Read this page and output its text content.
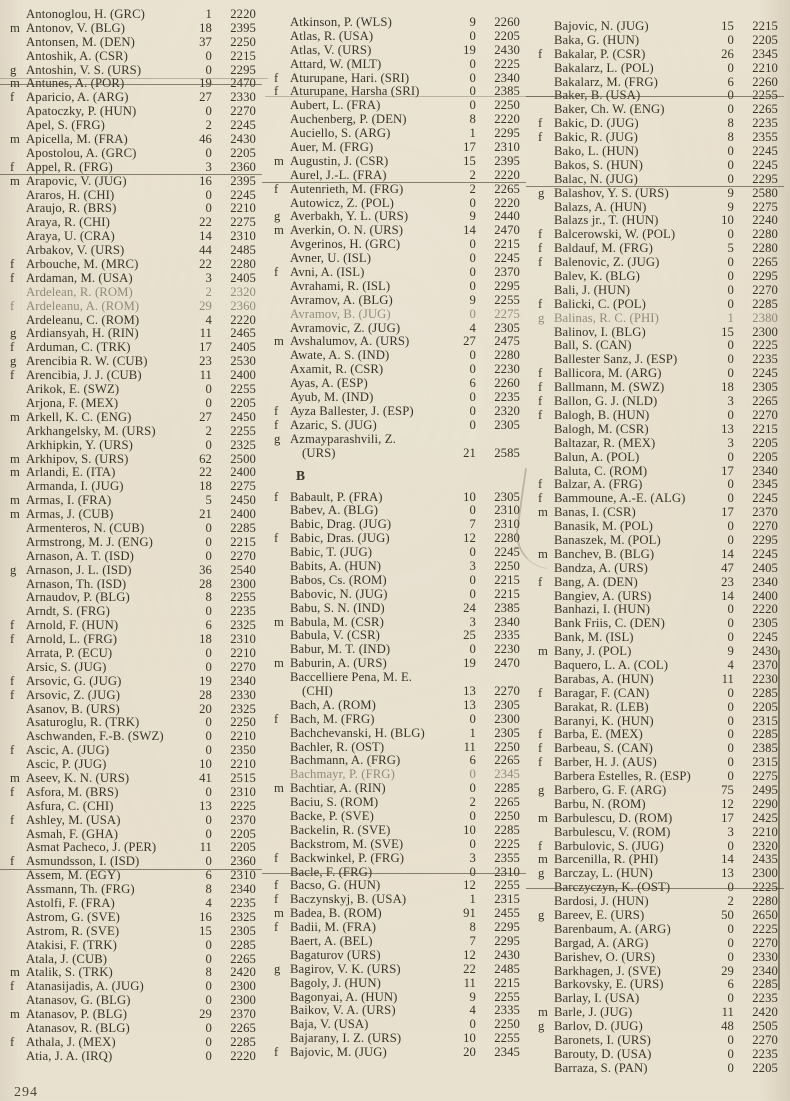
Antonoglou, H. (GRC)	1	2220
m Antonov, V. (BLG)	18	2395
Antonsen, M. (DEN)	37	2250
Antoshik, A. (CSR)	0	2215
g Antoshin, V. S. (URS)	0	2295
m Antunes, A. (POR)	19	2470
f Aparicio, A. (ARG)	27	2330
Apatoczky, P. (HUN)	0	2270
Apel, S. (FRG)	2	2245
m Apicella, M. (FRA)	46	2430
Apostolou, A. (GRC)	0	2205
f Appel, R. (FRG)	3	2360
m Arapovic, V. (JUG)	16	2395
Araros, H. (CHI)	0	2245
Araujo, R. (BRS)	0	2210
Araya, R. (CHI)	22	2275
Araya, U. (CRA)	14	2310
Arbakov, V. (URS)	44	2485
f Arbouche, M. (MRC)	22	2280
f Ardaman, M. (USA)	3	2405
Ardelean, R. (ROM)	2	2320
f Ardeleanu, A. (ROM)	29	2360
Ardeleanu, C. (ROM)	4	2220
g Ardiansyah, H. (RIN)	11	2465
f Arduman, C. (TRK)	17	2405
g Arencibia R. W. (CUB)	23	2530
f Arencibia, J. J. (CUB)	11	2400
Arikok, E. (SWZ)	0	2255
Arjona, F. (MEX)	0	2205
m Arkell, K. C. (ENG)	27	2450
Arkhangelsky, M. (URS)	2	2255
Arkhipkin, Y. (URS)	0	2325
m Arkhipov, S. (URS)	62	2500
m Arlandi, E. (ITA)	22	2400
Armanda, I. (JUG)	18	2275
m Armas, I. (FRA)	5	2450
m Armas, J. (CUB)	21	2400
Armenteros, N. (CUB)	0	2285
Armstrong, M. J. (ENG)	0	2215
Arnason, A. T. (ISD)	0	2270
g Arnason, J. L. (ISD)	36	2540
Arnason, Th. (ISD)	28	2300
Arnaudov, P. (BLG)	8	2255
Arndt, S. (FRG)	0	2235
f Arnold, F. (HUN)	6	2325
f Arnold, L. (FRG)	18	2310
Arrata, P. (ECU)	0	2210
Arsic, S. (JUG)	0	2270
f Arsovic, G. (JUG)	19	2340
f Arsovic, Z. (JUG)	28	2330
Asanov, B. (URS)	20	2325
Asaturoglu, R. (TRK)	0	2250
Aschwanden, F.-B. (SWZ)	0	2210
f Ascic, A. (JUG)	0	2350
Ascic, P. (JUG)	10	2210
m Aseev, K. N. (URS)	41	2515
f Asfora, M. (BRS)	0	2310
Asfura, C. (CHI)	13	2225
f Ashley, M. (USA)	0	2370
Asmah, F. (GHA)	0	2205
Asmat Pacheco, J. (PER)	11	2205
f Asmundsson, I. (ISD)	0	2360
Assem, M. (EGY)	6	2310
Assmann, Th. (FRG)	8	2340
Astolfi, F. (FRA)	4	2235
Astrom, G. (SVE)	16	2325
Astrom, R. (SVE)	15	2305
Atakisi, F. (TRK)	0	2285
Atala, J. (CUB)	0	2265
m Atalik, S. (TRK)	8	2420
f Atanasijadis, A. (JUG)	0	2300
Atanasov, G. (BLG)	0	2300
m Atanasov, P. (BLG)	29	2370
Atanasov, R. (BLG)	0	2265
f Athala, J. (MEX)	0	2285
Atia, J. A. (IRQ)	0	2220
Atkinson, P. (WLS)	9	2260
Atlas, R. (USA)	0	2205
Atlas, V. (URS)	19	2430
Attard, W. (MLT)	0	2225
f Aturupane, Hari. (SRI)	0	2340
f Aturupane, Harsha (SRI)	0	2385
Aubert, L. (FRA)	0	2250
Auchenberg, P. (DEN)	8	2220
Auciello, S. (ARG)	1	2295
Auer, M. (FRG)	17	2310
m Augustin, J. (CSR)	15	2395
Aurel, J.-L. (FRA)	2	2220
f Autenrieth, M. (FRG)	2	2265
Autowicz, Z. (POL)	0	2220
g Averbakh, Y. L. (URS)	9	2440
m Averkin, O. N. (URS)	14	2470
Avgerinos, H. (GRC)	0	2215
Avner, U. (ISL)	0	2245
f Avni, A. (ISL)	0	2370
Avrahami, R. (ISL)	0	2295
Avramov, A. (BLG)	9	2255
Avramov, B. (JUG)	0	2275
Avramovic, Z. (JUG)	4	2305
m Avshalumov, A. (URS)	27	2475
Awate, A. S. (IND)	0	2280
Axamit, R. (CSR)	0	2230
Ayas, A. (ESP)	6	2260
Ayub, M. (IND)	0	2235
f Ayza Ballester, J. (ESP)	0	2320
f Azaric, S. (JUG)	0	2305
g Azmayparashvili, Z.
(URS)	21	2585
B
f Babault, P. (FRA)	10	2305
Babev, A. (BLG)	0	2310
Babic, Drag. (JUG)	7	2310
f Babic, Dras. (JUG)	12	2280
Babic, T. (JUG)	0	2245
Babits, A. (HUN)	3	2250
Babos, Cs. (ROM)	0	2215
Babovic, N. (JUG)	0	2215
Babu, S. N. (IND)	24	2385
m Babula, M. (CSR)	3	2340
Babula, V. (CSR)	25	2335
Babur, M. T. (IND)	0	2230
m Baburin, A. (URS)	19	2470
Baccelliere Pena, M. E.
(CHI)	13	2270
Bach, A. (ROM)	13	2305
f Bach, M. (FRG)	0	2300
Bachchevanski, H. (BLG)	1	2305
Bachler, R. (OST)	11	2250
Bachmann, A. (FRG)	6	2265
Bachmayr, P. (FRG)	0	2345
m Bachtiar, A. (RIN)	0	2285
Baciu, S. (ROM)	2	2265
Backe, P. (SVE)	0	2250
Backelin, R. (SVE)	10	2285
Backstrom, M. (SVE)	0	2225
f Backwinkel, P. (FRG)	3	2355
Bacle, F. (FRG)	0	2310
f Bacso, G. (HUN)	12	2255
f Baczynskyj, B. (USA)	1	2315
m Badea, B. (ROM)	91	2455
f Badii, M. (FRA)	8	2295
Baert, A. (BEL)	7	2295
Bagaturov (URS)	12	2430
g Bagirov, V. K. (URS)	22	2485
Bagoly, J. (HUN)	11	2215
Bagonyai, A. (HUN)	9	2255
Baikov, V. A. (URS)	4	2335
Baja, V. (USA)	0	2250
Bajarany, I. Z. (URS)	10	2255
f Bajovic, M. (JUG)	20	2345
Bajovic, N. (JUG)	15	2215
Baka, G. (HUN)	0	2205
f Bakalar, P. (CSR)	26	2345
Bakalarz, L. (POL)	0	2210
Bakalarz, M. (FRG)	6	2260
Baker, B. (USA)	0	2255
Baker, Ch. W. (ENG)	0	2265
f Bakic, D. (JUG)	8	2235
f Bakic, R. (JUG)	8	2355
Bako, L. (HUN)	0	2245
Bakos, S. (HUN)	0	2245
Balac, N. (JUG)	0	2295
g Balashov, Y. S. (URS)	9	2580
Balazs, A. (HUN)	9	2275
Balazs jr., T. (HUN)	10	2240
f Balcerowski, W. (POL)	0	2280
f Baldauf, M. (FRG)	5	2280
f Balenovic, Z. (JUG)	0	2265
Balev, K. (BLG)	0	2295
Bali, J. (HUN)	0	2270
f Balicki, C. (POL)	0	2285
g Balinas, R. C. (PHI)	1	2380
Balinov, I. (BLG)	15	2300
Ball, S. (CAN)	0	2225
Ballester Sanz, J. (ESP)	0	2235
f Ballicora, M. (ARG)	0	2245
f Ballmann, M. (SWZ)	18	2305
f Ballon, G. J. (NLD)	3	2265
f Balogh, B. (HUN)	0	2270
Balogh, M. (CSR)	13	2215
Baltazar, R. (MEX)	3	2205
Balun, A. (POL)	0	2205
Baluta, C. (ROM)	17	2340
f Balzar, A. (FRG)	0	2345
f Bammoune, A.-E. (ALG)	0	2245
m Banas, I. (CSR)	17	2370
Banasik, M. (POL)	0	2270
Banaszek, M. (POL)	0	2295
m Banchev, B. (BLG)	14	2245
Bandza, A. (URS)	47	2405
f Bang, A. (DEN)	23	2340
Bangiev, A. (URS)	14	2400
Banhazi, I. (HUN)	0	2220
Bank Friis, C. (DEN)	0	2305
Bank, M. (ISL)	0	2245
m Bany, J. (POL)	9	2430
Baquero, L. A. (COL)	4	2370
Barabas, A. (HUN)	11	2230
f Baragar, F. (CAN)	0	2285
Barakat, R. (LEB)	0	2205
Baranyi, K. (HUN)	0	2315
f Barba, E. (MEX)	0	2285
f Barbeau, S. (CAN)	0	2385
f Barber, H. J. (AUS)	0	2315
Barbera Estelles, R. (ESP)	0	2275
g Barbero, G. F. (ARG)	75	2495
Barbu, N. (ROM)	12	2290
m Barbulescu, D. (ROM)	17	2425
Barbulescu, V. (ROM)	3	2210
f Barbulovic, S. (JUG)	0	2320
m Barcenilla, R. (PHI)	14	2435
g Barczay, L. (HUN)	13	2300
Barczyczyn, K. (OST)	0	2225
Bardosi, J. (HUN)	2	2280
g Bareev, E. (URS)	50	2650
Barenbaum, A. (ARG)	0	2225
Bargad, A. (ARG)	0	2270
Barishev, O. (URS)	0	2330
Barkhagen, J. (SVE)	29	2340
Barkovsky, E. (URS)	6	2285
Barlay, I. (USA)	0	2235
m Barle, J. (JUG)	11	2420
g Barlov, D. (JUG)	48	2505
Baronets, I. (URS)	0	2270
Barouty, D. (USA)	0	2235
Barraza, S. (PAN)	0	2205
294
